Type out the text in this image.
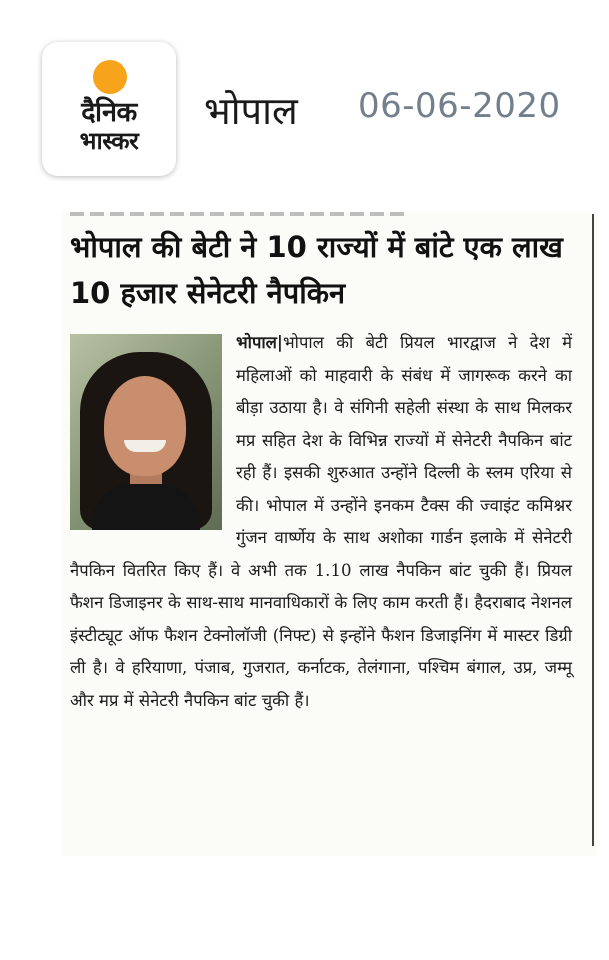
दैनिक
भास्कर
भोपाल 06-06-2020
भोपाल की बेटी ने 10 राज्यों में बांटे एक लाख 10 हजार सेनेटरी नैपकिन
भोपाल|भोपाल की बेटी प्रियल भारद्वाज ने देश में महिलाओं को माहवारी के संबंध में जागरूक करने का बीड़ा उठाया है। वे संगिनी सहेली संस्था के साथ मिलकर मप्र सहित देश के विभिन्न राज्यों में सेनेटरी नैपकिन बांट रही हैं। इसकी शुरुआत उन्होंने दिल्ली के स्लम एरिया से की। भोपाल में उन्होंने इनकम टैक्स की ज्वाइंट कमिश्नर गुंजन वार्ष्णेय के साथ अशोका गार्डन इलाके में सेनेटरी नैपकिन वितरित किए हैं। वे अभी तक 1.10 लाख नैपकिन बांट चुकी हैं। प्रियल फैशन डिजाइनर के साथ-साथ मानवाधिकारों के लिए काम करती हैं। हैदराबाद नेशनल इंस्टीट्यूट ऑफ फैशन टेक्नोलॉजी (निफ्ट) से इन्होंने फैशन डिजाइनिंग में मास्टर डिग्री ली है। वे हरियाणा, पंजाब, गुजरात, कर्नाटक, तेलंगाना, पश्चिम बंगाल, उप्र, जम्मू और मप्र में सेनेटरी नैपकिन बांट चुकी हैं।
